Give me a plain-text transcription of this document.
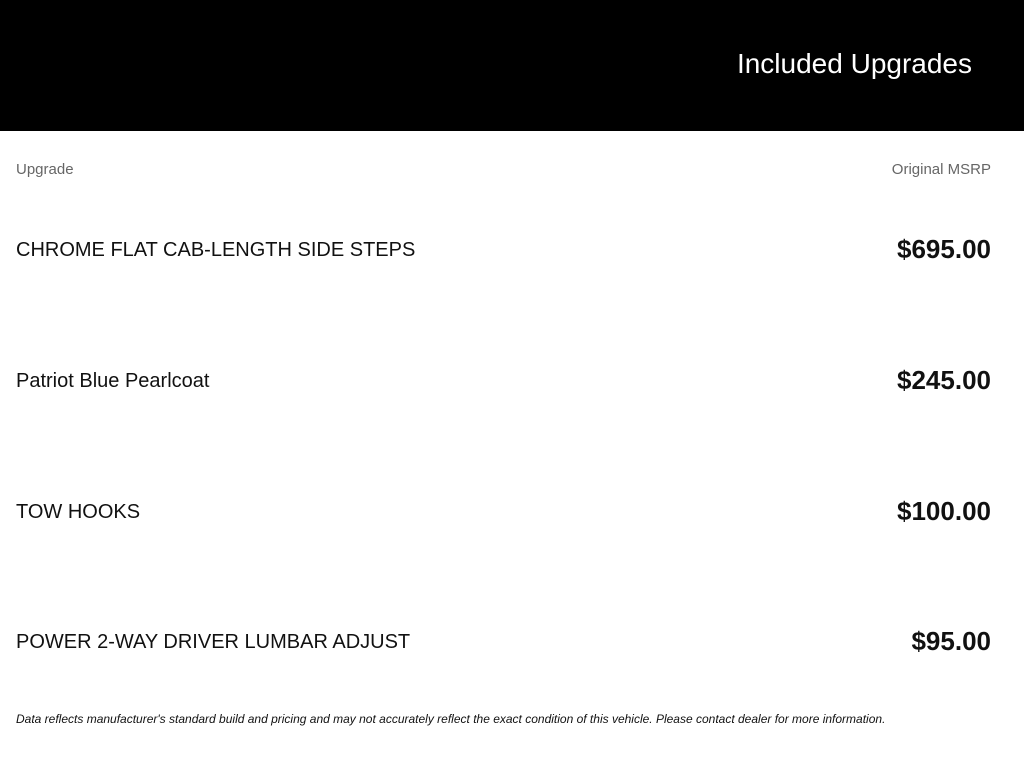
Included Upgrades
Upgrade	Original MSRP
CHROME FLAT CAB-LENGTH SIDE STEPS	$695.00
Patriot Blue Pearlcoat	$245.00
TOW HOOKS	$100.00
POWER 2-WAY DRIVER LUMBAR ADJUST	$95.00
Data reflects manufacturer's standard build and pricing and may not accurately reflect the exact condition of this vehicle. Please contact dealer for more information.
